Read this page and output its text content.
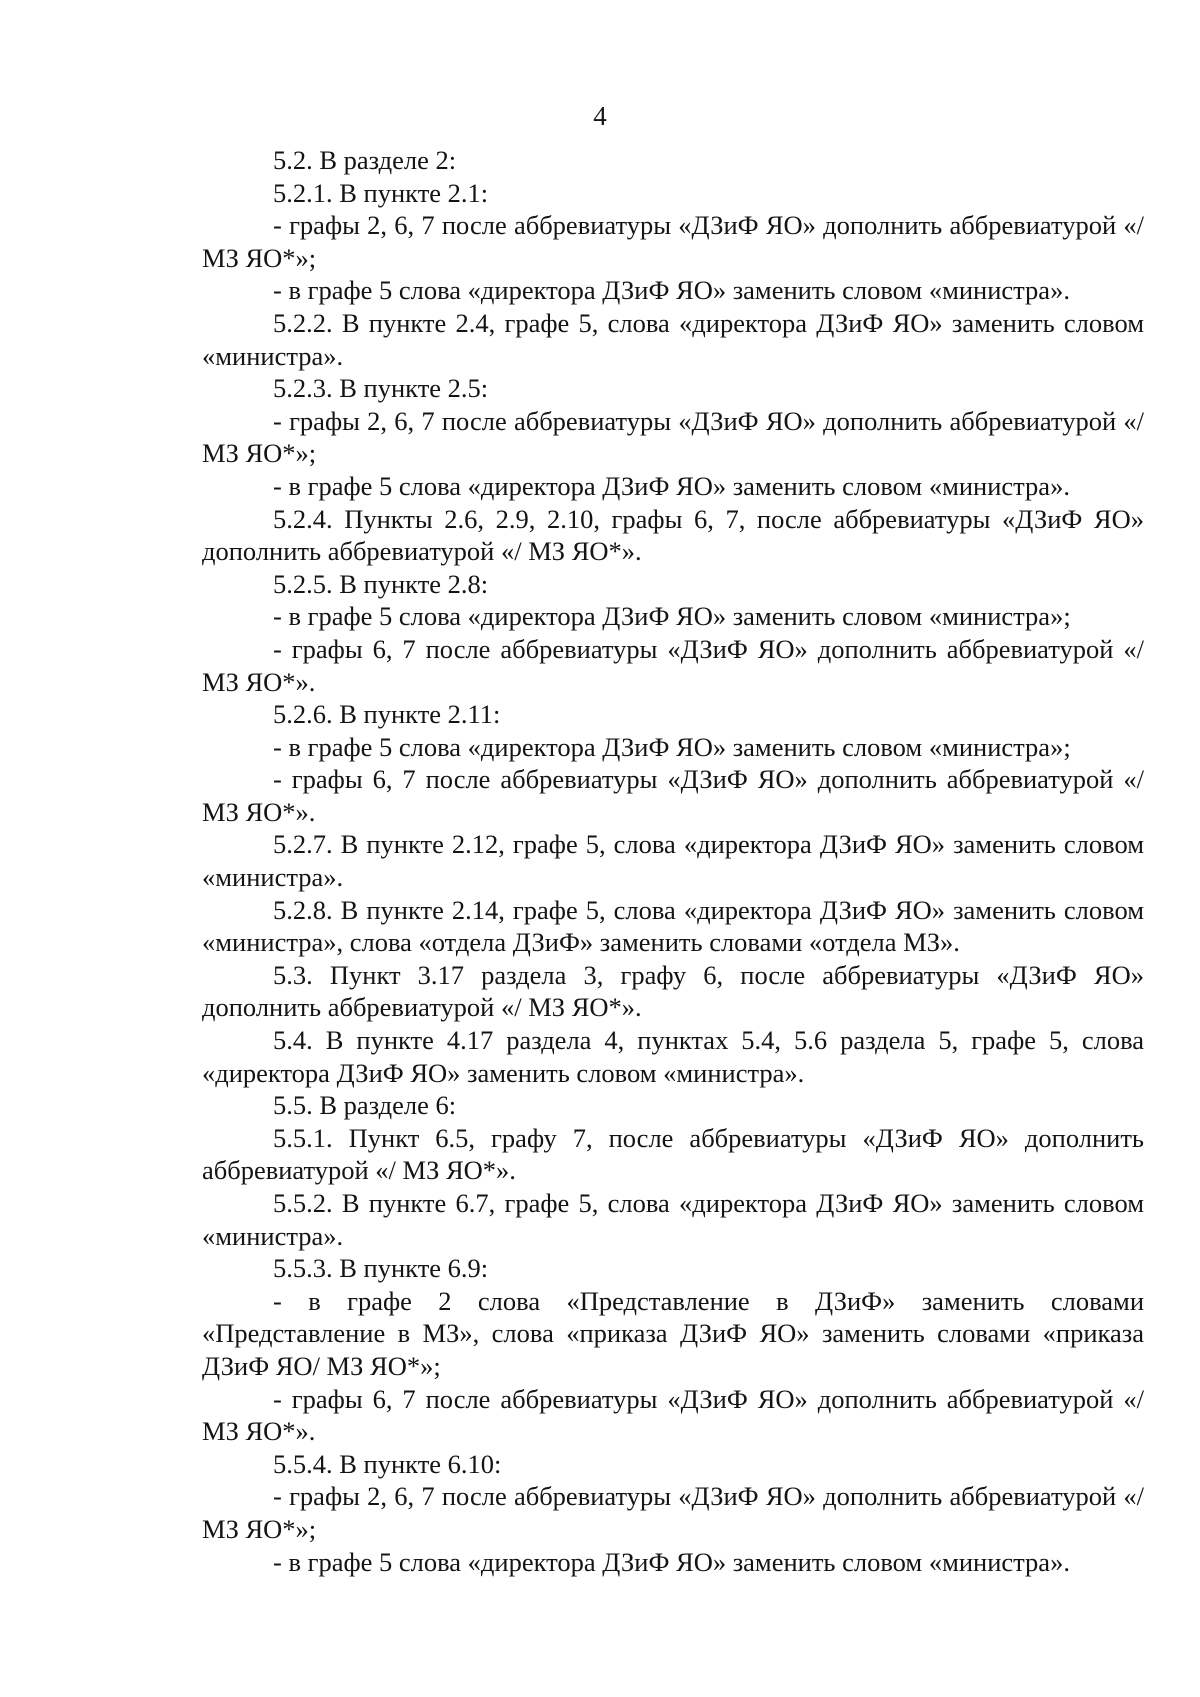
4

5.2. В разделе 2:

5.2.1. В пункте 2.1:

- графы 2, 6, 7 после аббревиатуры «ДЗиФ ЯО» дополнить аббревиатурой «/ МЗ ЯО*»;

- в графе 5 слова «директора ДЗиФ ЯО» заменить словом «министра».

5.2.2. В пункте 2.4, графе 5, слова «директора ДЗиФ ЯО» заменить словом «министра».

5.2.3. В пункте 2.5:

- графы 2, 6, 7 после аббревиатуры «ДЗиФ ЯО» дополнить аббревиатурой «/ МЗ ЯО*»;

- в графе 5 слова «директора ДЗиФ ЯО» заменить словом «министра».

5.2.4. Пункты 2.6, 2.9, 2.10, графы 6, 7, после аббревиатуры «ДЗиФ ЯО» дополнить аббревиатурой «/ МЗ ЯО*».

5.2.5. В пункте 2.8:

- в графе 5 слова «директора ДЗиФ ЯО» заменить словом «министра»;

- графы 6, 7 после аббревиатуры «ДЗиФ ЯО» дополнить аббревиатурой «/ МЗ ЯО*».

5.2.6. В пункте 2.11:

- в графе 5 слова «директора ДЗиФ ЯО» заменить словом «министра»;

- графы 6, 7 после аббревиатуры «ДЗиФ ЯО» дополнить аббревиатурой «/ МЗ ЯО*».

5.2.7. В пункте 2.12, графе 5, слова «директора ДЗиФ ЯО» заменить словом «министра».

5.2.8. В пункте 2.14, графе 5, слова «директора ДЗиФ ЯО» заменить словом «министра», слова «отдела ДЗиФ» заменить словами «отдела МЗ».

5.3. Пункт 3.17 раздела 3, графу 6, после аббревиатуры «ДЗиФ ЯО» дополнить аббревиатурой «/ МЗ ЯО*».

5.4. В пункте 4.17 раздела 4, пунктах 5.4, 5.6 раздела 5, графе 5, слова «директора ДЗиФ ЯО» заменить словом «министра».

5.5. В разделе 6:

5.5.1. Пункт 6.5, графу 7, после аббревиатуры «ДЗиФ ЯО» дополнить аббревиатурой «/ МЗ ЯО*».

5.5.2. В пункте 6.7, графе 5, слова «директора ДЗиФ ЯО» заменить словом «министра».

5.5.3. В пункте 6.9:

- в графе 2 слова «Представление в ДЗиФ» заменить словами «Представление в МЗ», слова «приказа ДЗиФ ЯО» заменить словами «приказа ДЗиФ ЯО/ МЗ ЯО*»;

- графы 6, 7 после аббревиатуры «ДЗиФ ЯО» дополнить аббревиатурой «/ МЗ ЯО*».

5.5.4. В пункте 6.10:

- графы 2, 6, 7 после аббревиатуры «ДЗиФ ЯО» дополнить аббревиатурой «/ МЗ ЯО*»;

- в графе 5 слова «директора ДЗиФ ЯО» заменить словом «министра».
